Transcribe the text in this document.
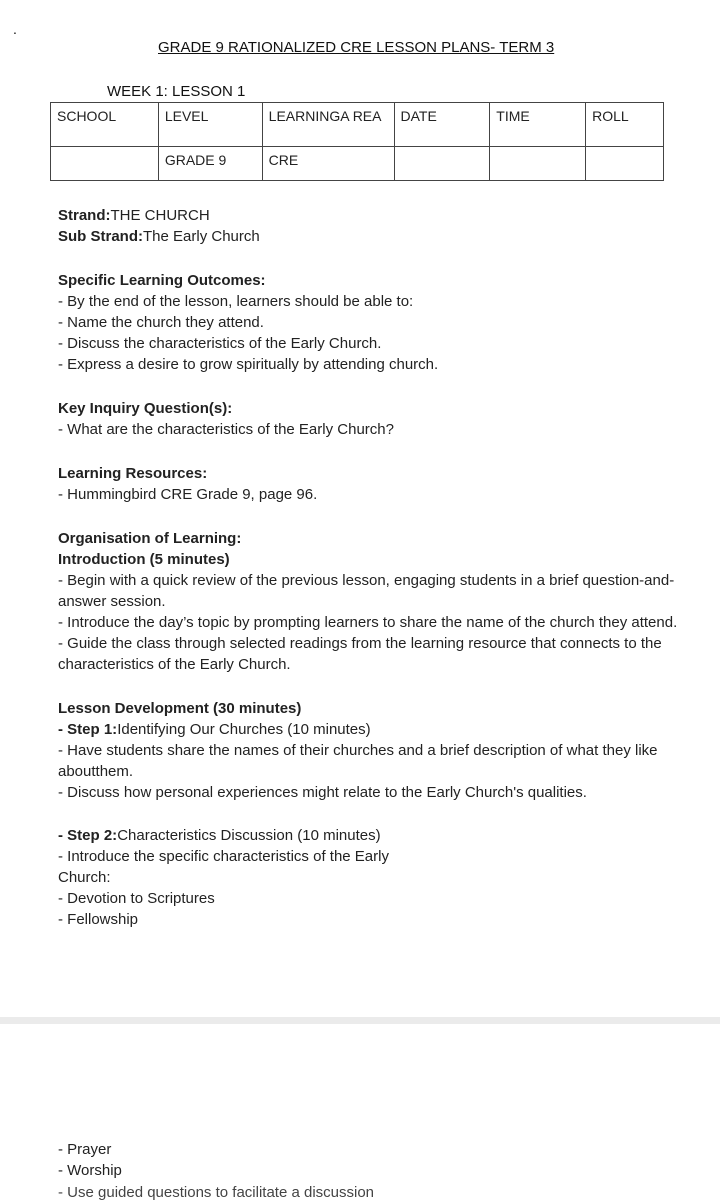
.
GRADE 9 RATIONALIZED CRE LESSON PLANS- TERM 3
WEEK 1: LESSON 1
SCHOOL	LEVEL	LEARNINGA REA	DATE	TIME	ROLL
	GRADE 9	CRE			

Strand:THE CHURCH

Sub Strand:The Early Church

Specific Learning Outcomes:

- By the end of the lesson, learners should be able to:

- Name the church they attend.

- Discuss the characteristics of the Early Church.

- Express a desire to grow spiritually by attending church.

Key Inquiry Question(s):

- What are the characteristics of the Early Church?

Learning Resources:

- Hummingbird CRE Grade 9, page 96.

Organisation of Learning:

Introduction (5 minutes)

- Begin with a quick review of the previous lesson, engaging students in a brief question-and-answer session.

- Introduce the day’s topic by prompting learners to share the name of the church they attend.

- Guide the class through selected readings from the learning resource that connects to the characteristics of the Early Church.

Lesson Development (30 minutes)

- Step 1:Identifying Our Churches (10 minutes)

- Have students share the names of their churches and a brief description of what they like aboutthem.

- Discuss how personal experiences might relate to the Early Church's qualities.

- Step 2:Characteristics Discussion (10 minutes)

- Introduce the specific characteristics of the Early

Church:

- Devotion to Scriptures

- Fellowship

- Prayer

- Worship

- Use guided questions to facilitate a discussion
